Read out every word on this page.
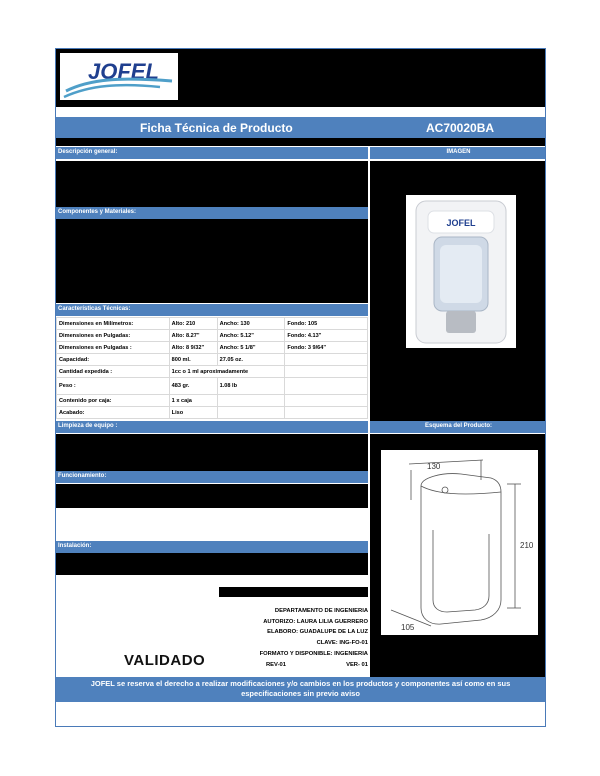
JOFEL
Ficha Técnica de Producto	AC70020BA
Descripción general:	IMAGEN
Componentes y Materiales:
Características Técnicas:
Dimensiones en Milímetros:	Alto: 210	Ancho: 130	Fondo: 105
Dimensiones en Pulgadas:	Alto: 8.27"	Ancho: 5.12"	Fondo: 4.13"
Dimensiones en Pulgadas :	Alto: 8 9/32"	Ancho: 5 1/8"	Fondo: 3 9/64"
Capacidad:	800 ml.	27.05 oz.	
Cantidad expedida :	1cc o 1 ml aproximadamente		
Peso :	483 gr.	1.08 lb	
Contenido por caja:	1 x caja		
Acabado:	Liso		
JOFEL
Limpieza de equipo :	Esquema del Producto:
Funcionamiento:
Instalación:
130
210
105
DEPARTAMENTO DE INGENIERIA
AUTORIZO: LAURA LILIA GUERRERO
ELABORO: GUADALUPE DE LA LUZ
CLAVE: ING-FO-01
FORMATO Y DISPONIBLE: INGENIERIA
REV-01	VER- 01
VALIDADO
JOFEL se reserva el derecho a realizar modificaciones y/o cambios en los productos y componentes así como en sus especificaciones sin previo aviso
